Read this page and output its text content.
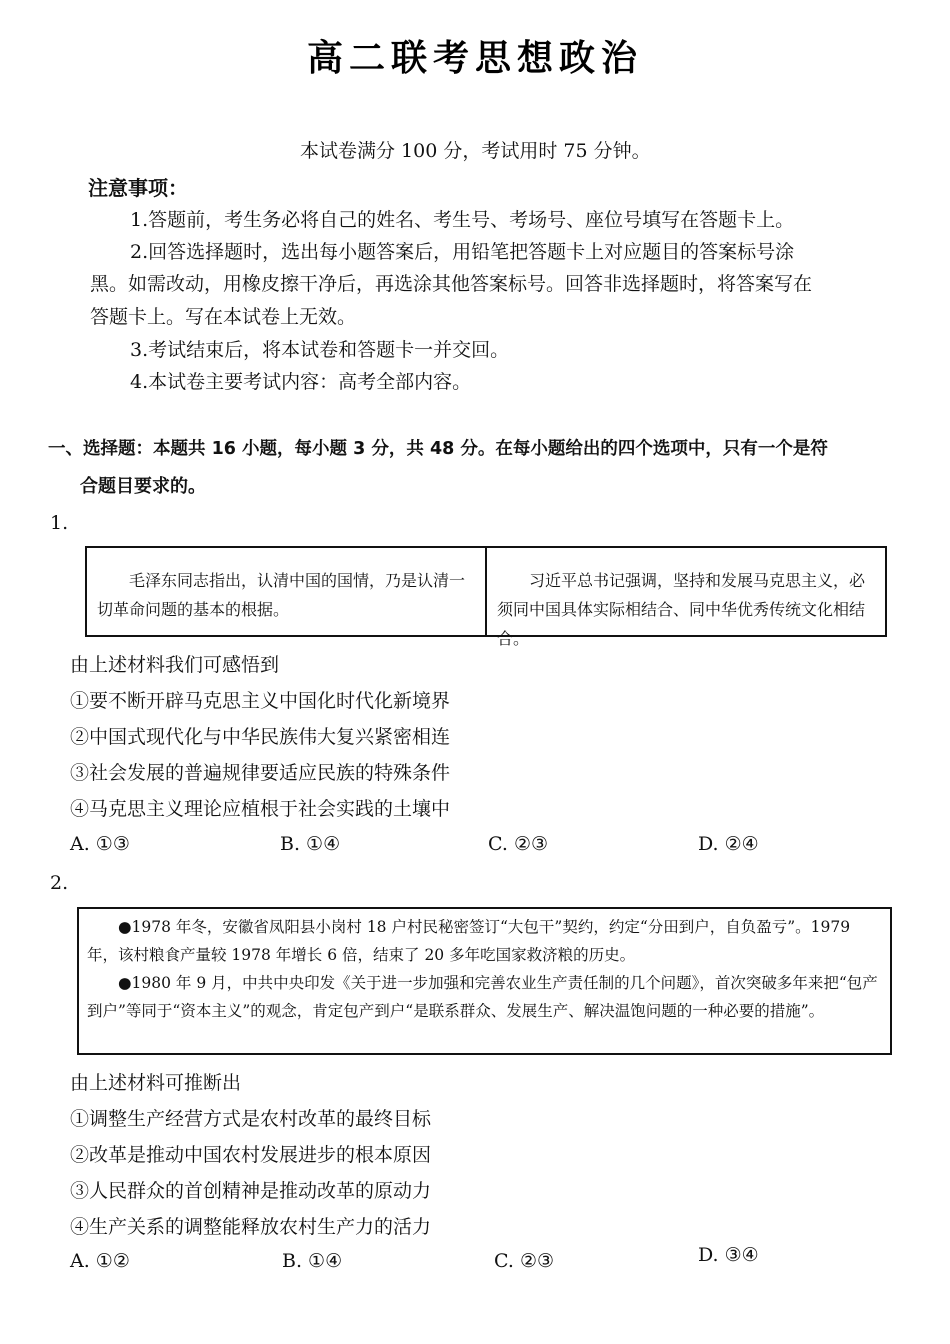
高二联考思想政治
本试卷满分 100 分，考试用时 75 分钟。
注意事项：
1.答题前，考生务必将自己的姓名、考生号、考场号、座位号填写在答题卡上。
2.回答选择题时，选出每小题答案后，用铅笔把答题卡上对应题目的答案标号涂
黑。如需改动，用橡皮擦干净后，再选涂其他答案标号。回答非选择题时，将答案写在
答题卡上。写在本试卷上无效。
3.考试结束后，将本试卷和答题卡一并交回。
4.本试卷主要考试内容：高考全部内容。
一、选择题：本题共 16 小题，每小题 3 分，共 48 分。在每小题给出的四个选项中，只有一个是符
合题目要求的。
1.
毛泽东同志指出，认清中国的国情，乃是认清一切革命问题的基本的根据。
习近平总书记强调，坚持和发展马克思主义，必须同中国具体实际相结合、同中华优秀传统文化相结合。
由上述材料我们可感悟到
①要不断开辟马克思主义中国化时代化新境界
②中国式现代化与中华民族伟大复兴紧密相连
③社会发展的普遍规律要适应民族的特殊条件
④马克思主义理论应植根于社会实践的土壤中
A. ①③	B. ①④	C. ②③	D. ②④
2.

●1978 年冬，安徽省凤阳县小岗村 18 户村民秘密签订“大包干”契约，约定“分田到户，自负盈亏”。1979 年，该村粮食产量较 1978 年增长 6 倍，结束了 20 多年吃国家救济粮的历史。

●1980 年 9 月，中共中央印发《关于进一步加强和完善农业生产责任制的几个问题》，首次突破多年来把“包产到户”等同于“资本主义”的观念，肯定包产到户“是联系群众、发展生产、解决温饱问题的一种必要的措施”。

由上述材料可推断出
①调整生产经营方式是农村改革的最终目标
②改革是推动中国农村发展进步的根本原因
③人民群众的首创精神是推动改革的原动力
④生产关系的调整能释放农村生产力的活力
A. ①②	B. ①④	C. ②③	D. ③④
